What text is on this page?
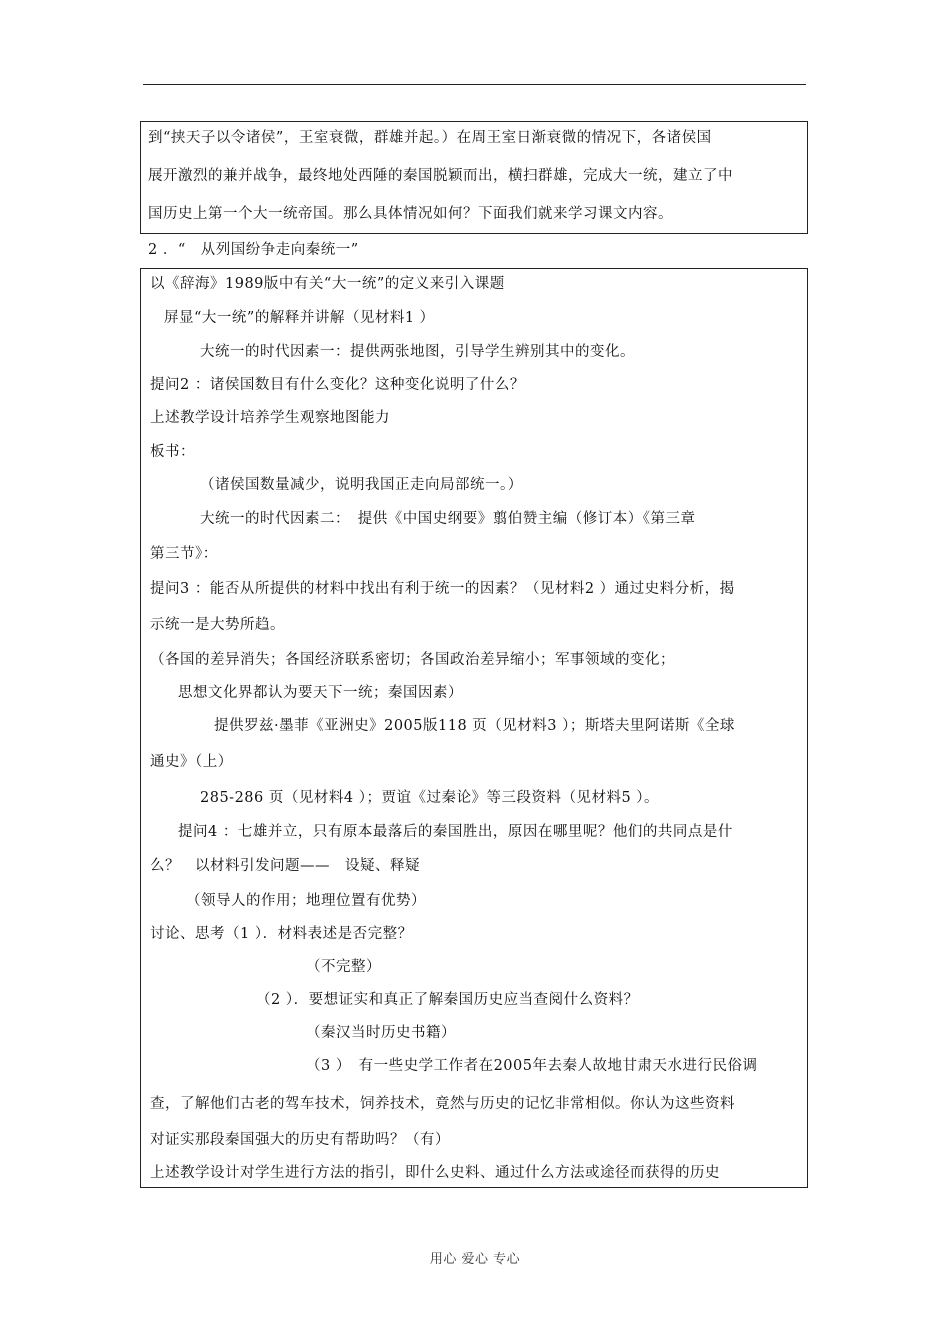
到“挟天子以令诸侯”，王室衰微，群雄并起。）在周王室日渐衰微的情况下，各诸侯国
展开激烈的兼并战争，最终地处西陲的秦国脱颖而出，横扫群雄，完成大一统，建立了中
国历史上第一个大一统帝国。那么具体情况如何？下面我们就来学习课文内容。
2 ．“　从列国纷争走向秦统一”
以《辞海》1989版中有关“大一统”的定义来引入课题
屏显“大一统”的解释并讲解（见材料1 ）
大统一的时代因素一：提供两张地图，引导学生辨别其中的变化。
提问2 ：诸侯国数目有什么变化？这种变化说明了什么？
上述教学设计培养学生观察地图能力
板书：
（诸侯国数量减少，说明我国正走向局部统一。）
大统一的时代因素二：　提供《中国史纲要》翦伯赞主编（修订本）《第三章
第三节》：
提问3 ：能否从所提供的材料中找出有利于统一的因素？（见材料2 ）通过史料分析，揭
示统一是大势所趋。
（各国的差异消失；各国经济联系密切；各国政治差异缩小；军事领域的变化；
思想文化界都认为要天下一统；秦国因素）
提供罗兹·墨菲《亚洲史》2005版118 页（见材料3 ）；斯塔夫里阿诺斯《全球
通史》（上）
285-286 页（见材料4 ）；贾谊《过秦论》等三段资料（见材料5 ）。
提问4 ：七雄并立，只有原本最落后的秦国胜出，原因在哪里呢？他们的共同点是什
么？　以材料引发问题——　设疑、释疑
（领导人的作用；地理位置有优势）
讨论、思考（1 ）．材料表述是否完整？
（不完整）
（2 ）．要想证实和真正了解秦国历史应当查阅什么资料？
（秦汉当时历史书籍）
（3 ）　有一些史学工作者在2005年去秦人故地甘肃天水进行民俗调
查，了解他们古老的驾车技术，饲养技术，竟然与历史的记忆非常相似。你认为这些资料
对证实那段秦国强大的历史有帮助吗？（有）
上述教学设计对学生进行方法的指引，即什么史料、通过什么方法或途径而获得的历史
用心 爱心 专心
